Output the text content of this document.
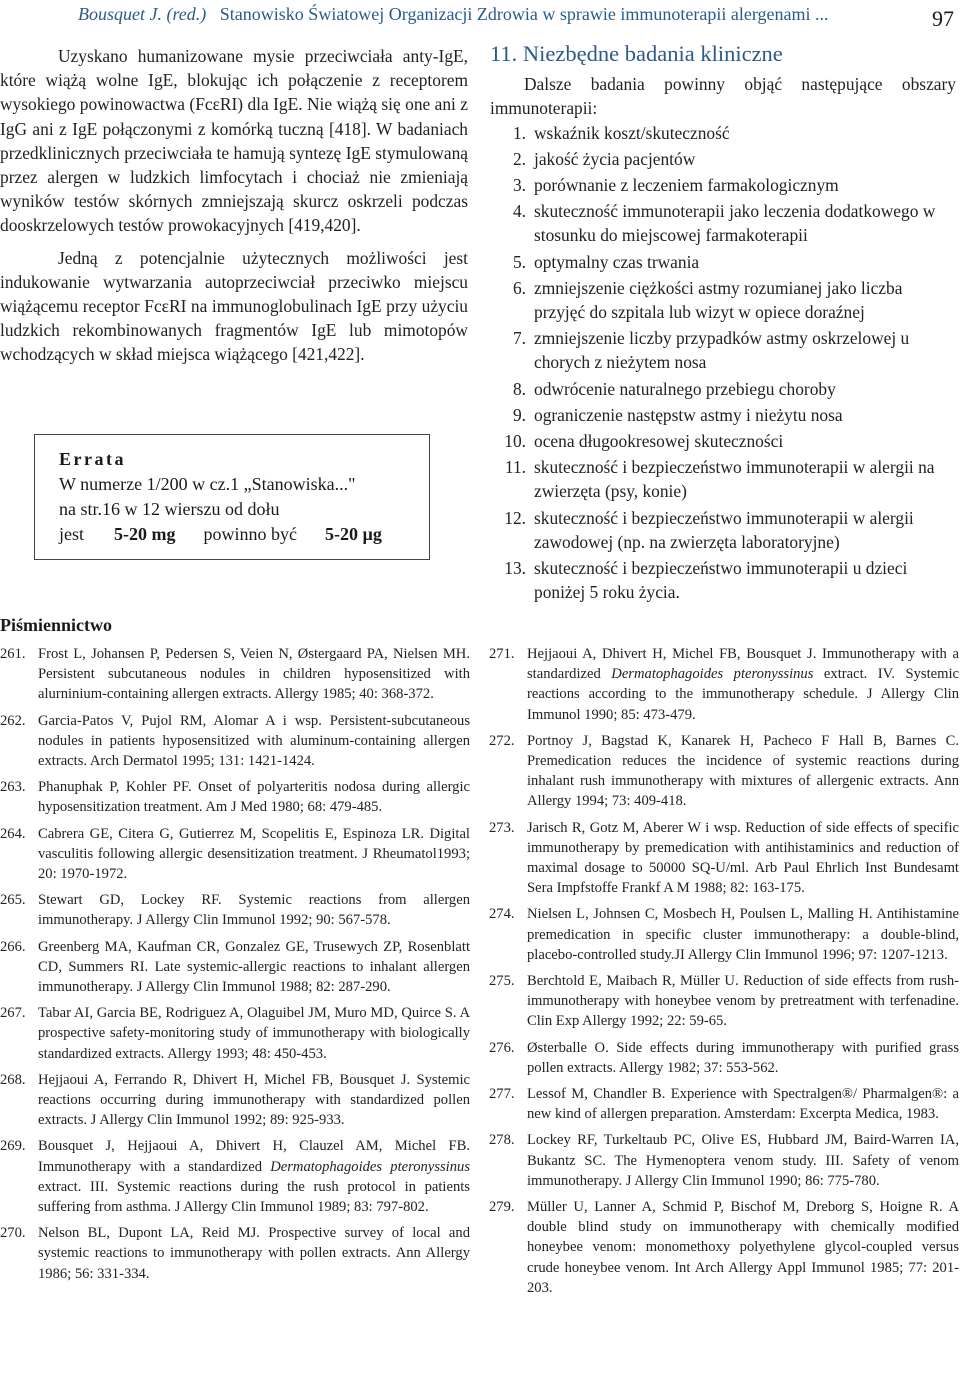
Bousquet J. (red.) Stanowisko Światowej Organizacji Zdrowia w sprawie immunoterapii alergenami ...	97

Uzyskano humanizowane mysie przeciwciała anty-IgE, które wiążą wolne IgE, blokując ich połączenie z receptorem wysokiego powinowactwa (FcεRI) dla IgE. Nie wiążą się one ani z IgG ani z IgE połączonymi z komórką tuczną [418]. W badaniach przedklinicznych przeciwciała te hamują syntezę IgE stymulowaną przez alergen w ludzkich limfocytach i chociaż nie zmieniają wyników testów skórnych zmniejszają skurcz oskrzeli podczas dooskrzelowych testów prowokacyjnych [419,420].

Jedną z potencjalnie użytecznych możliwości jest indukowanie wytwarzania autoprzeciwciał przeciwko miejscu wiążącemu receptor FcεRI na immunoglobulinach IgE przy użyciu ludzkich rekombinowanych fragmentów IgE lub mimotopów wchodzących w skład miejsca wiążącego [421,422].

Errata
W numerze 1/200 w cz.1 „Stanowiska..."
na str.16 w 12 wierszu od dołu
jest 5-20 mg powinno być 5-20 µg
11. Niezbędne badania kliniczne

Dalsze badania powinny objąć następujące obszary immunoterapii:

1. wskaźnik koszt/skuteczność
2. jakość życia pacjentów
3. porównanie z leczeniem farmakologicznym
4. skuteczność immunoterapii jako leczenia dodatkowego w stosunku do miejscowej farmakoterapii
5. optymalny czas trwania
6. zmniejszenie ciężkości astmy rozumianej jako liczba przyjęć do szpitala lub wizyt w opiece doraźnej
7. zmniejszenie liczby przypadków astmy oskrzelowej u chorych z nieżytem nosa
8. odwrócenie naturalnego przebiegu choroby
9. ograniczenie następstw astmy i nieżytu nosa
10. ocena długookresowej skuteczności
11. skuteczność i bezpieczeństwo immunoterapii w alergii na zwierzęta (psy, konie)
12. skuteczność i bezpieczeństwo immunoterapii w alergii zawodowej (np. na zwierzęta laboratoryjne)
13. skuteczność i bezpieczeństwo immunoterapii u dzieci poniżej 5 roku życia.
Piśmiennictwo
261. Frost L, Johansen P, Pedersen S, Veien N, Østergaard PA, Nielsen MH. Persistent subcutaneous nodules in children hyposensitized with alurninium-containing allergen extracts. Allergy 1985; 40: 368-372.
262. Garcia-Patos V, Pujol RM, Alomar A i wsp. Persistent-subcutaneous nodules in patients hyposensitized with aluminum-containing allergen extracts. Arch Dermatol 1995; 131: 1421-1424.
263. Phanuphak P, Kohler PF. Onset of polyarteritis nodosa during allergic hyposensitization treatment. Am J Med 1980; 68: 479-485.
264. Cabrera GE, Citera G, Gutierrez M, Scopelitis E, Espinoza LR. Digital vasculitis following allergic desensitization treatment. J Rheumatol1993; 20: 1970-1972.
265. Stewart GD, Lockey RF. Systemic reactions from allergen immunotherapy. J Allergy Clin Immunol 1992; 90: 567-578.
266. Greenberg MA, Kaufman CR, Gonzalez GE, Trusewych ZP, Rosenblatt CD, Summers RI. Late systemic-allergic reactions to inhalant allergen immunotherapy. J Allergy Clin Immunol 1988; 82: 287-290.
267. Tabar AI, Garcia BE, Rodriguez A, Olaguibel JM, Muro MD, Quirce S. A prospective safety-monitoring study of immunotherapy with biologically standardized extracts. Allergy 1993; 48: 450-453.
268. Hejjaoui A, Ferrando R, Dhivert H, Michel FB, Bousquet J. Systemic reactions occurring during immunotherapy with standardized pollen extracts. J Allergy Clin Immunol 1992; 89: 925-933.
269. Bousquet J, Hejjaoui A, Dhivert H, Clauzel AM, Michel FB. Immunotherapy with a standardized Dermatophagoides pteronyssinus extract. III. Systemic reactions during the rush protocol in patients suffering from asthma. J Allergy Clin Immunol 1989; 83: 797-802.
270. Nelson BL, Dupont LA, Reid MJ. Prospective survey of local and systemic reactions to immunotherapy with pollen extracts. Ann Allergy 1986; 56: 331-334.
271. Hejjaoui A, Dhivert H, Michel FB, Bousquet J. Immunotherapy with a standardized Dermatophagoides pteronyssinus extract. IV. Systemic reactions according to the immunotherapy schedule. J Allergy Clin Immunol 1990; 85: 473-479.
272. Portnoy J, Bagstad K, Kanarek H, Pacheco F Hall B, Barnes C. Premedication reduces the incidence of systemic reactions during inhalant rush immunotherapy with mixtures of allergenic extracts. Ann Allergy 1994; 73: 409-418.
273. Jarisch R, Gotz M, Aberer W i wsp. Reduction of side effects of specific immunotherapy by premedication with antihistaminics and reduction of maximal dosage to 50000 SQ-U/ml. Arb Paul Ehrlich Inst Bundesamt Sera Impfstoffe Frankf A M 1988; 82: 163-175.
274. Nielsen L, Johnsen C, Mosbech H, Poulsen L, Malling H. Antihistamine premedication in specific cluster immunotherapy: a double-blind, placebo-controlled study.JI Allergy Clin Immunol 1996; 97: 1207-1213.
275. Berchtold E, Maibach R, Müller U. Reduction of side effects from rush-immunotherapy with honeybee venom by pretreatment with terfenadine. Clin Exp Allergy 1992; 22: 59-65.
276. Østerballe O. Side effects during immunotherapy with purified grass pollen extracts. Allergy 1982; 37: 553-562.
277. Lessof M, Chandler B. Experience with Spectralgen®/ Pharmalgen®: a new kind of allergen preparation. Amsterdam: Excerpta Medica, 1983.
278. Lockey RF, Turkeltaub PC, Olive ES, Hubbard JM, Baird-Warren IA, Bukantz SC. The Hymenoptera venom study. III. Safety of venom immunotherapy. J Allergy Clin Immunol 1990; 86: 775-780.
279. Müller U, Lanner A, Schmid P, Bischof M, Dreborg S, Hoigne R. A double blind study on immunotherapy with chemically modified honeybee venom: monomethoxy polyethylene glycol-coupled versus crude honeybee venom. Int Arch Allergy Appl Immunol 1985; 77: 201-203.
